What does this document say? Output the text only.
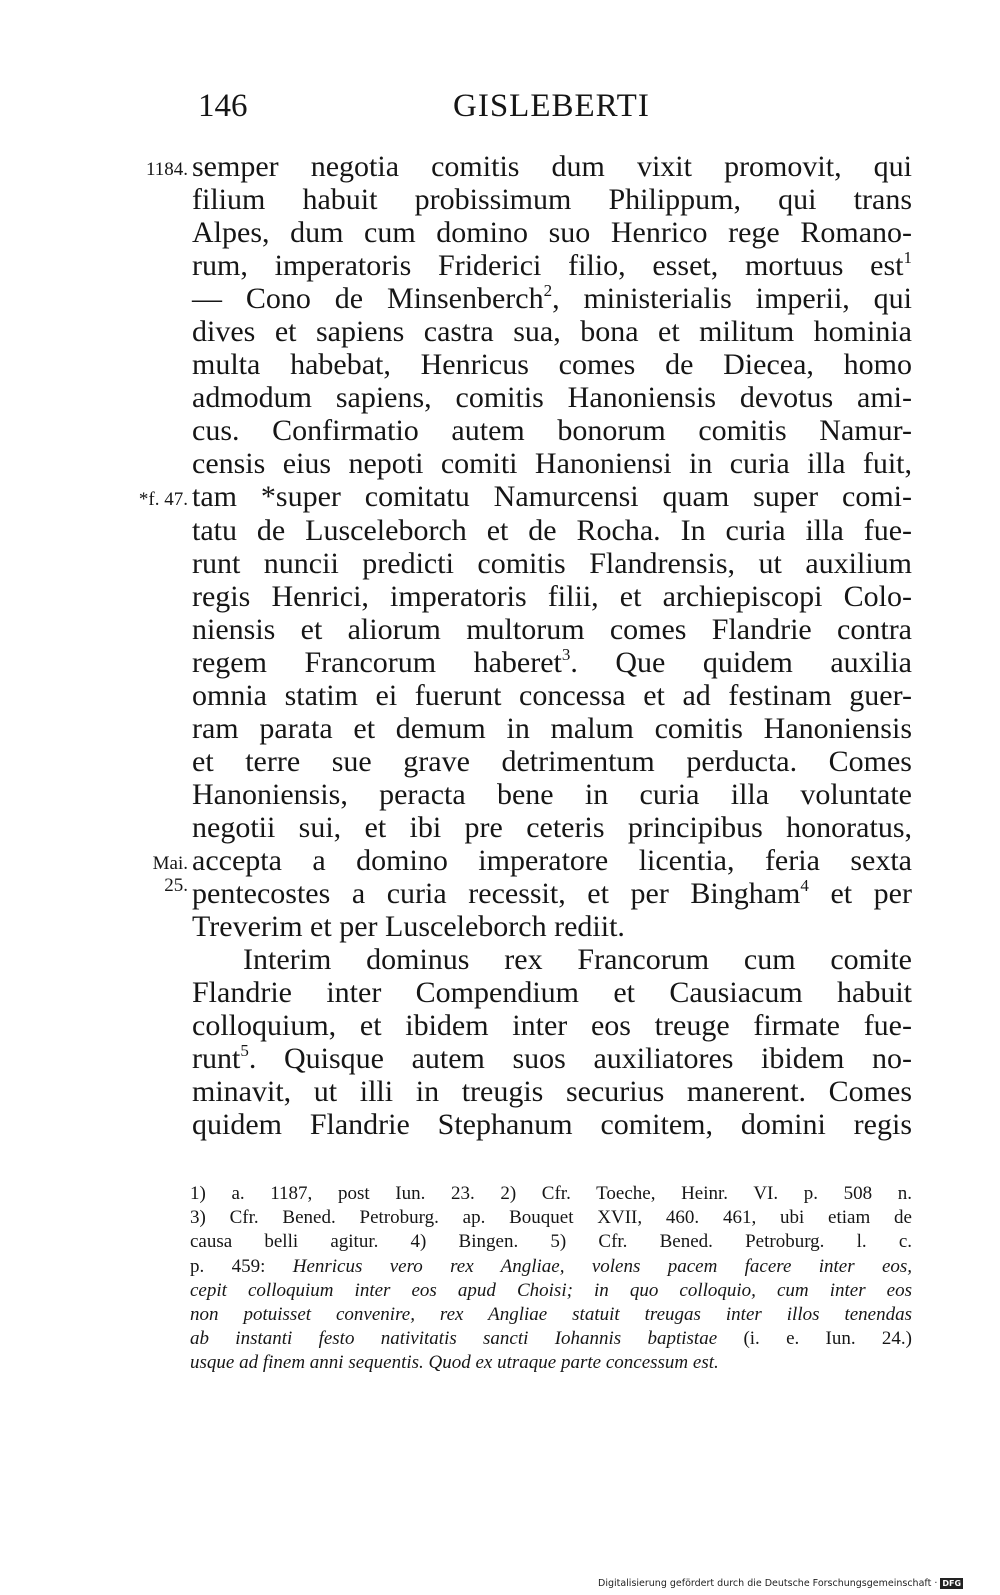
146	GISLEBERTI
1184. semper negotia comitis dum vixit promovit, qui
filium habuit probissimum Philippum, qui trans
Alpes, dum cum domino suo Henrico rege Romano-
rum, imperatoris Friderici filio, esset, mortuus est$^1$
— Cono de Minsenberch$^2$, ministerialis imperii, qui
dives et sapiens castra sua, bona et militum hominia
multa habebat, Henricus comes de Diecea, homo
admodum sapiens, comitis Hanoniensis devotus ami-
cus. Confirmatio autem bonorum comitis Namur-
censis eius nepoti comiti Hanoniensi in curia illa fuit,
*f. 47. tam *super comitatu Namurcensi quam super comi-
tatu de Lusceleborch et de Rocha. In curia illa fue-
runt nuncii predicti comitis Flandrensis, ut auxilium
regis Henrici, imperatoris filii, et archiepiscopi Colo-
niensis et aliorum multorum comes Flandrie contra
regem Francorum haberet$^3$. Que quidem auxilia
omnia statim ei fuerunt concessa et ad festinam guer-
ram parata et demum in malum comitis Hanoniensis
et terre sue grave detrimentum perducta. Comes
Hanoniensis, peracta bene in curia illa voluntate
negotii sui, et ibi pre ceteris principibus honoratus,
Mai. accepta a domino imperatore licentia, feria sexta
25. pentecostes a curia recessit, et per Bingham$^4$ et per
Treverim et per Lusceleborch rediit.
Interim dominus rex Francorum cum comite
Flandrie inter Compendium et Causiacum habuit
colloquium, et ibidem inter eos treuge firmate fue-
runt$^5$. Quisque autem suos auxiliatores ibidem no-
minavit, ut illi in treugis securius manerent. Comes
quidem Flandrie Stephanum comitem, domini regis
1) a. 1187, post Iun. 23. 2) Cfr. Toeche, Heinr. VI. p. 508 n.
3) Cfr. Bened. Petroburg. ap. Bouquet XVII, 460. 461, ubi etiam de
causa belli agitur. 4) Bingen. 5) Cfr. Bened. Petroburg. l. c.
p. 459: Henricus vero rex Angliae, volens pacem facere inter eos,
cepit colloquium inter eos apud Choisi; in quo colloquio, cum inter eos
non potuisset convenire, rex Angliae statuit treugas inter illos tenendas
ab instanti festo nativitatis sancti Iohannis baptistae (i. e. Iun. 24.)
usque ad finem anni sequentis. Quod ex utraque parte concessum est.
Digitalisierung gefördert durch die Deutsche Forschungsgemeinschaft · DFG
